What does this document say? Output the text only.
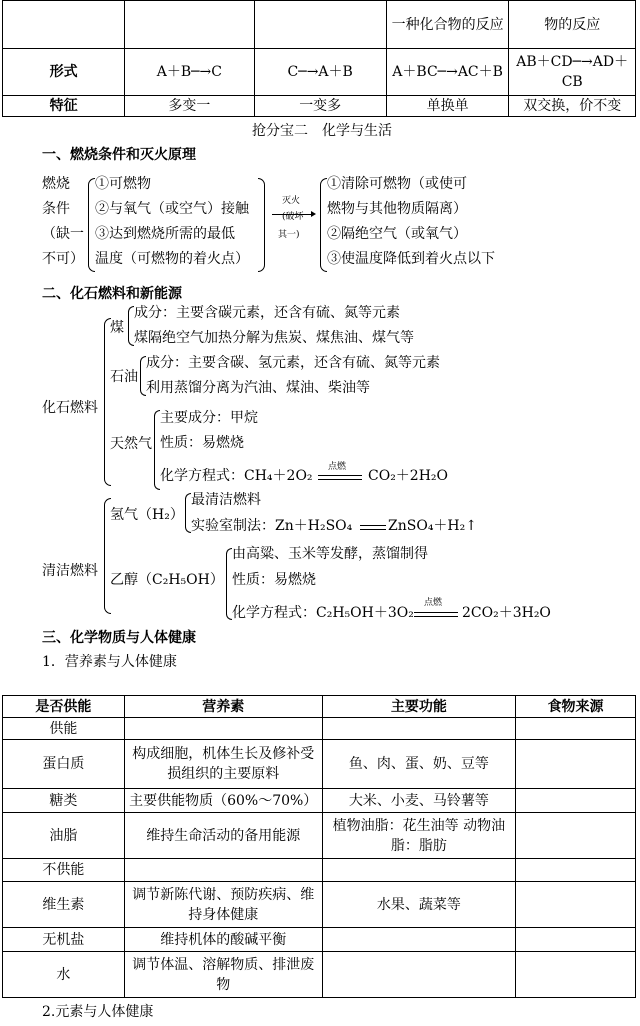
			一种化合物的反应	物的反应
形式	A＋B─→C	C─→A＋B	A＋BC─→AC＋B	AB＋CD─→AD＋CB
特征	多变一	一变多	单换单	双交换，价不变
抢分宝二　化学与生活
一、燃烧条件和灭火原理
燃烧
条件
（缺一
不可）
①可燃物
②与氧气（或空气）接触
③达到燃烧所需的最低
温度（可燃物的着火点）
灭火
(破坏
其一)
①清除可燃物（或使可
燃物与其他物质隔离）
②隔绝空气（或氧气）
③使温度降低到着火点以下
二、化石燃料和新能源
化石燃料
煤
成分：主要含碳元素，还含有硫、氮等元素
煤隔绝空气加热分解为焦炭、煤焦油、煤气等
石油
成分：主要含碳、氢元素，还含有硫、氮等元素
利用蒸馏分离为汽油、煤油、柴油等
天然气
主要成分：甲烷
性质：易燃烧
化学方程式：CH₄＋2O₂
点燃
CO₂＋2H₂O
清洁燃料
氢气（H₂）
最清洁燃料
实验室制法：Zn＋H₂SO₄	ZnSO₄＋H₂↑
乙醇（C₂H₅OH）
由高粱、玉米等发酵，蒸馏制得
性质：易燃烧
化学方程式：C₂H₅OH＋3O₂
点燃
2CO₂＋3H₂O
三、化学物质与人体健康
1．营养素与人体健康
是否供能	营养素	主要功能	食物来源
供能			
蛋白质	构成细胞，机体生长及修补受损组织的主要原料	鱼、肉、蛋、奶、豆等	
糖类	主要供能物质（60%～70%）	大米、小麦、马铃薯等	
油脂	维持生命活动的备用能源	植物油脂：花生油等 动物油脂：脂肪	
不供能			
维生素	调节新陈代谢、预防疾病、维持身体健康	水果、蔬菜等	
无机盐	维持机体的酸碱平衡		
水	调节体温、溶解物质、排泄废物		
2.元素与人体健康
